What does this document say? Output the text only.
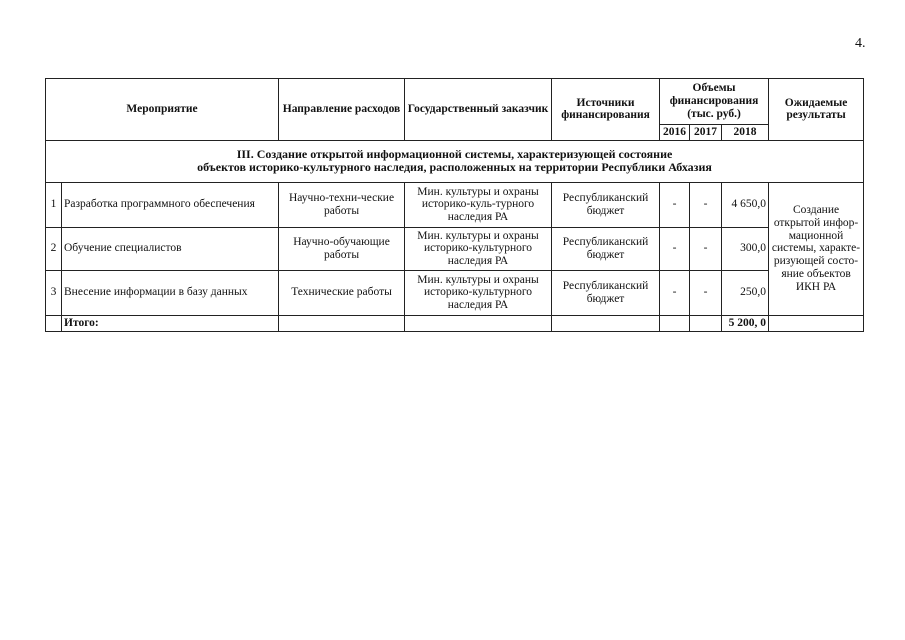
4.
Мероприятие		Направление расходов	Государственный заказчик	Источники финансирования	Объемы финансирования (тыс. руб.)			Ожидаемые результаты
					2016	2017	2018	

III. Создание открытой информационной системы, характеризующей состояние
объектов историко-культурного наследия, расположенных на территории Республики Абхазия								

1	Разработка программного обеспечения	Научно-техни-ческие работы	Мин. культуры и охраны историко-куль-турного наследия РА	Республиканский бюджет	-	-	4 650,0	Создание открытой инфор-мационной системы, характе-ризующей состо-яние объектов ИКН РА
2	Обучение специалистов	Научно-обучающие работы	Мин. культуры и охраны историко-культурного наследия РА	Республиканский бюджет	-	-	300,0	
3	Внесение информации в базу данных	Технические работы	Мин. культуры и охраны историко-культурного наследия РА	Республиканский бюджет	-	-	250,0	
	Итого:						5 200, 0	
